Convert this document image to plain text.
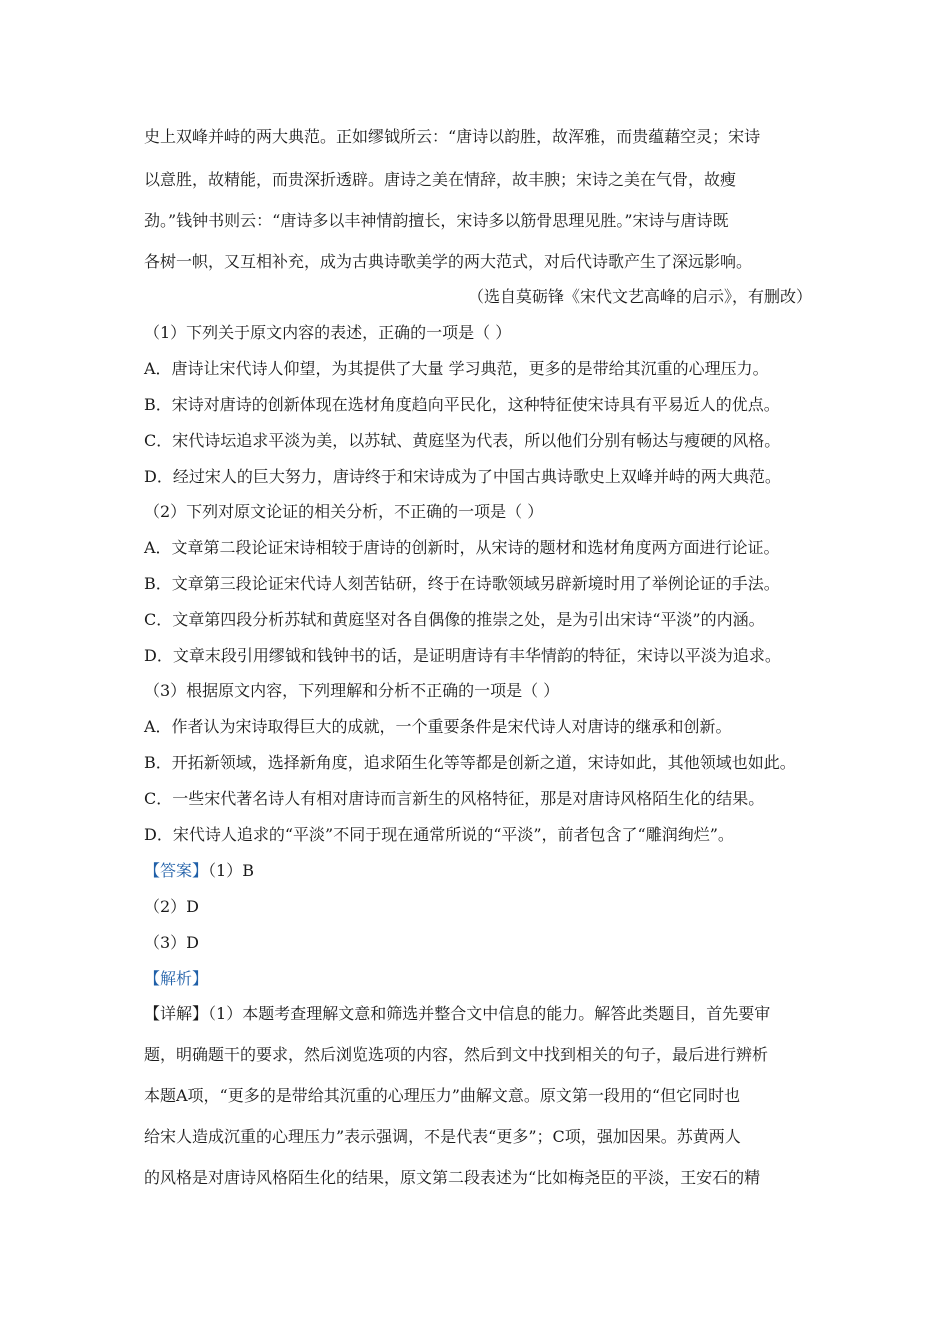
史上双峰并峙的两大典范。正如缪钺所云：“唐诗以韵胜，故浑雅，而贵蕴藉空灵；宋诗
以意胜，故精能，而贵深折透辟。唐诗之美在情辞，故丰腴；宋诗之美在气骨，故瘦
劲。”钱钟书则云：“唐诗多以丰神情韵擅长，宋诗多以筋骨思理见胜。”宋诗与唐诗既
各树一帜，又互相补充，成为古典诗歌美学的两大范式，对后代诗歌产生了深远影响。
（选自莫砺锋《宋代文艺高峰的启示》，有删改）
（1）下列关于原文内容的表述，正确的一项是（ ）
A．唐诗让宋代诗人仰望，为其提供了大量 学习典范，更多的是带给其沉重的心理压力。
B．宋诗对唐诗的创新体现在选材角度趋向平民化，这种特征使宋诗具有平易近人的优点。
C．宋代诗坛追求平淡为美，以苏轼、黄庭坚为代表，所以他们分别有畅达与瘦硬的风格。
D．经过宋人的巨大努力，唐诗终于和宋诗成为了中国古典诗歌史上双峰并峙的两大典范。
（2）下列对原文论证的相关分析，不正确的一项是（ ）
A．文章第二段论证宋诗相较于唐诗的创新时，从宋诗的题材和选材角度两方面进行论证。
B．文章第三段论证宋代诗人刻苦钻研，终于在诗歌领域另辟新境时用了举例论证的手法。
C．文章第四段分析苏轼和黄庭坚对各自偶像的推崇之处，是为引出宋诗“平淡”的内涵。
D．文章末段引用缪钺和钱钟书的话，是证明唐诗有丰华情韵的特征，宋诗以平淡为追求。
（3）根据原文内容，下列理解和分析不正确的一项是（ ）
A．作者认为宋诗取得巨大的成就，一个重要条件是宋代诗人对唐诗的继承和创新。
B．开拓新领域，选择新角度，追求陌生化等等都是创新之道，宋诗如此，其他领域也如此。
C．一些宋代著名诗人有相对唐诗而言新生的风格特征，那是对唐诗风格陌生化的结果。
D．宋代诗人追求的“平淡”不同于现在通常所说的“平淡”，前者包含了“雕润绚烂”。
【答案】（1）B
（2）D
（3）D
【解析】
【详解】（1）本题考查理解文意和筛选并整合文中信息的能力。解答此类题目，首先要审
题，明确题干的要求，然后浏览选项的内容，然后到文中找到相关的句子，最后进行辨析
本题A项，“更多的是带给其沉重的心理压力”曲解文意。原文第一段用的“但它同时也
给宋人造成沉重的心理压力”表示强调，不是代表“更多”；C项，强加因果。苏黄两人
的风格是对唐诗风格陌生化的结果，原文第二段表述为“比如梅尧臣的平淡，王安石的精
